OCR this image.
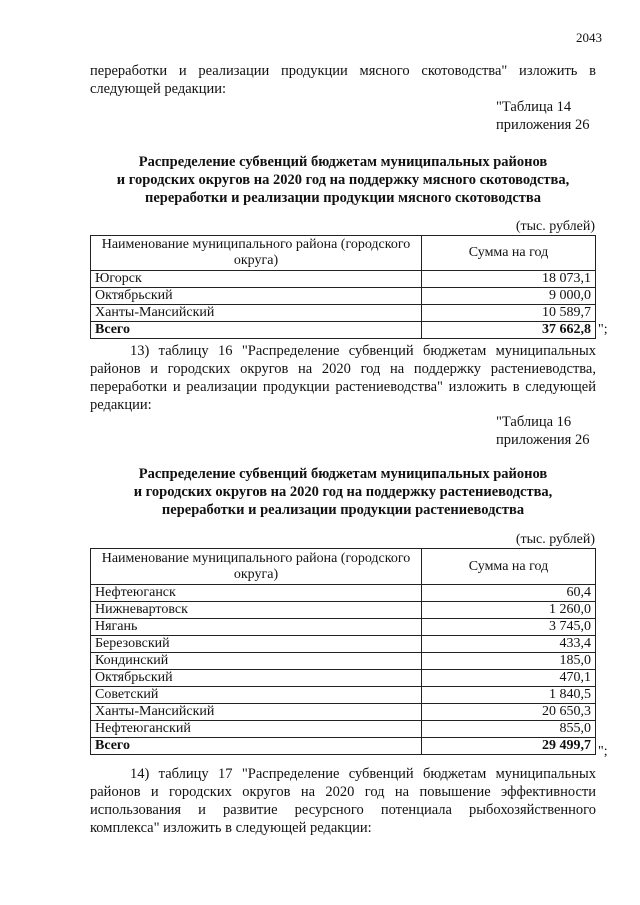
2043
переработки и реализации продукции мясного скотоводства" изложить в
следующей редакции:
"Таблица 14
приложения 26
Распределение субвенций бюджетам муниципальных районов
и городских округов на 2020 год на поддержку мясного скотоводства,
переработки и реализации продукции мясного скотоводства
(тыс. рублей)
Наименование муниципального района (городского округа)	Сумма на год
Югорск	18 073,1
Октябрьский	9 000,0
Ханты-Мансийский	10 589,7
Всего	37 662,8 ";
13) таблицу 16 "Распределение субвенций бюджетам муниципальных
районов и городских округов на 2020 год на поддержку растениеводства,
переработки и реализации продукции растениеводства" изложить в следующей
редакции:
"Таблица 16
приложения 26
Распределение субвенций бюджетам муниципальных районов
и городских округов на 2020 год на поддержку растениеводства,
переработки и реализации продукции растениеводства
(тыс. рублей)
Наименование муниципального района (городского округа)	Сумма на год
Нефтеюганск	60,4
Нижневартовск	1 260,0
Нягань	3 745,0
Березовский	433,4
Кондинский	185,0
Октябрьский	470,1
Советский	1 840,5
Ханты-Мансийский	20 650,3
Нефтеюганский	855,0
Всего	29 499,7 ";
14) таблицу 17 "Распределение субвенций бюджетам муниципальных
районов и городских округов на 2020 год на повышение эффективности
использования и развитие ресурсного потенциала рыбохозяйственного
комплекса" изложить в следующей редакции:
